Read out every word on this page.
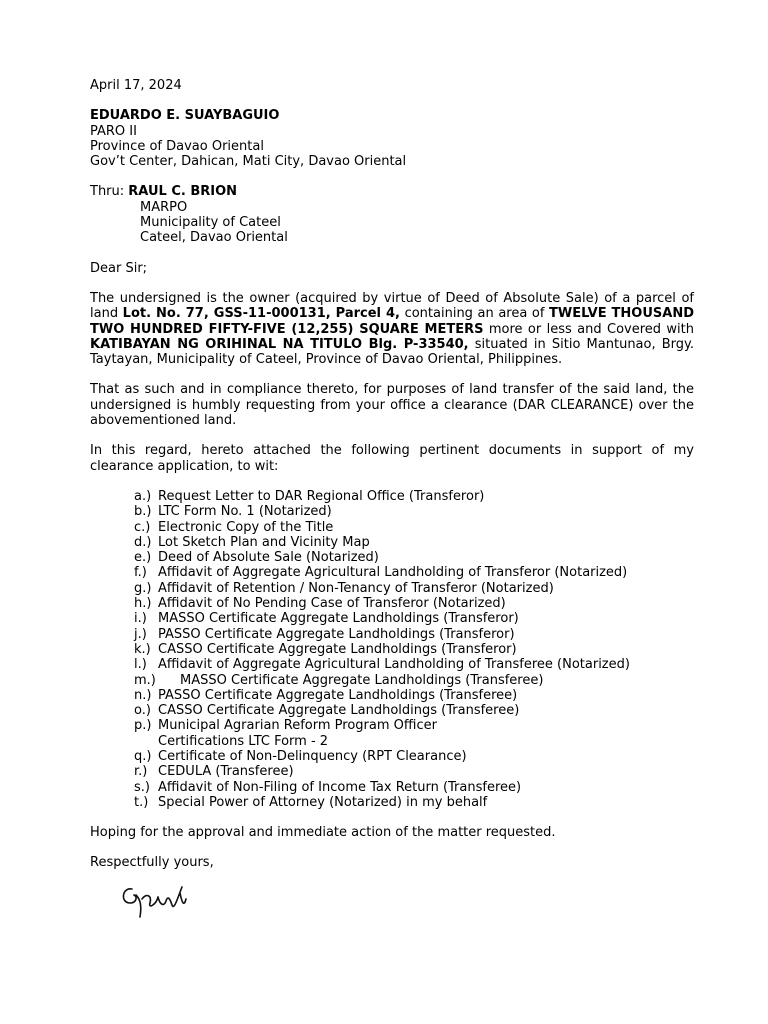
April 17, 2024

EDUARDO E. SUAYBAGUIO

PARO II

Province of Davao Oriental

Gov’t Center, Dahican, Mati City, Davao Oriental

Thru: RAUL C. BRION

MARPO

Municipality of Cateel

Cateel, Davao Oriental

Dear Sir;

The undersigned is the owner (acquired by virtue of Deed of Absolute Sale) of a parcel of land Lot. No. 77, GSS-11-000131, Parcel 4, containing an area of TWELVE THOUSAND TWO HUNDRED FIFTY-FIVE (12,255) SQUARE METERS more or less and Covered with KATIBAYAN NG ORIHINAL NA TITULO Blg. P-33540, situated in Sitio Mantunao, Brgy. Taytayan, Municipality of Cateel, Province of Davao Oriental, Philippines.

That as such and in compliance thereto, for purposes of land transfer of the said land, the undersigned is humbly requesting from your office a clearance (DAR CLEARANCE) over the abovementioned land.

In this regard, hereto attached the following pertinent documents in support of my clearance application, to wit:

a.) Request Letter to DAR Regional Office (Transferor)
b.) LTC Form No. 1 (Notarized)
c.) Electronic Copy of the Title
d.) Lot Sketch Plan and Vicinity Map
e.) Deed of Absolute Sale (Notarized)
f.) Affidavit of Aggregate Agricultural Landholding of Transferor (Notarized)
g.) Affidavit of Retention / Non-Tenancy of Transferor (Notarized)
h.) Affidavit of No Pending Case of Transferor (Notarized)
i.) MASSO Certificate Aggregate Landholdings (Transferor)
j.) PASSO Certificate Aggregate Landholdings (Transferor)
k.) CASSO Certificate Aggregate Landholdings (Transferor)
l.) Affidavit of Aggregate Agricultural Landholding of Transferee (Notarized)
m.)	MASSO Certificate Aggregate Landholdings (Transferee)
n.) PASSO Certificate Aggregate Landholdings (Transferee)
o.) CASSO Certificate Aggregate Landholdings (Transferee)
p.) Municipal Agrarian Reform Program Officer Certifications LTC Form - 2
q.) Certificate of Non-Delinquency (RPT Clearance)
r.) CEDULA (Transferee)
s.) Affidavit of Non-Filing of Income Tax Return (Transferee)
t.) Special Power of Attorney (Notarized) in my behalf

Hoping for the approval and immediate action of the matter requested.

Respectfully yours,
